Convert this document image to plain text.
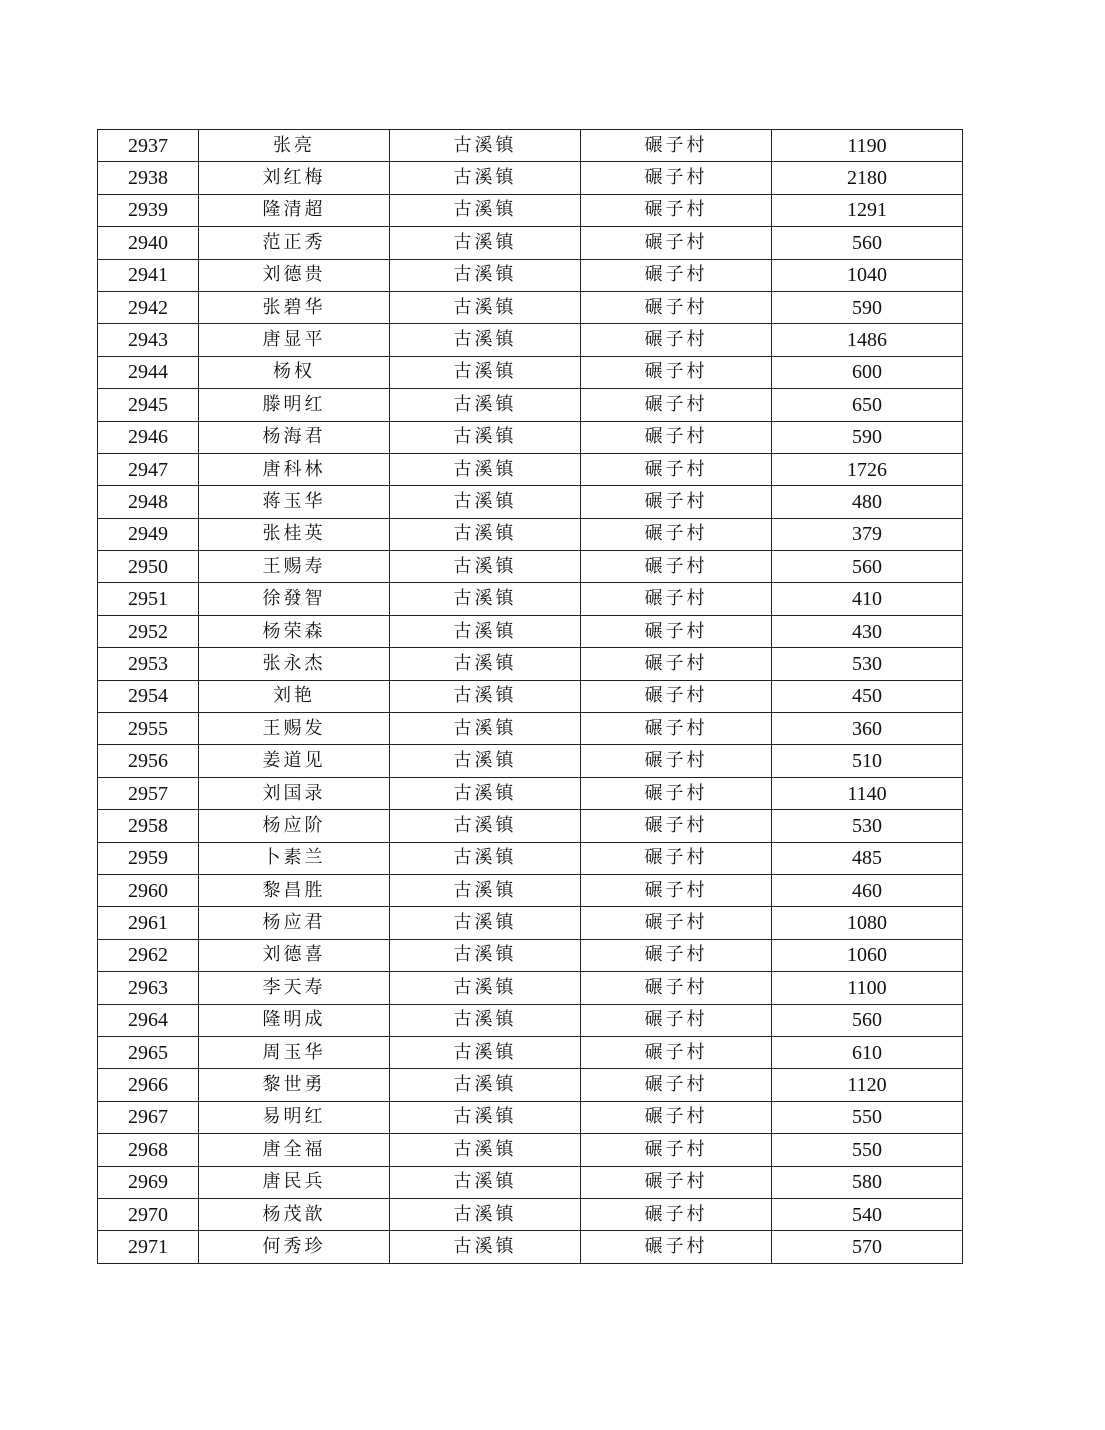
2937	张亮	古溪镇	碾子村	1190
2938	刘红梅	古溪镇	碾子村	2180
2939	隆清超	古溪镇	碾子村	1291
2940	范正秀	古溪镇	碾子村	560
2941	刘德贵	古溪镇	碾子村	1040
2942	张碧华	古溪镇	碾子村	590
2943	唐显平	古溪镇	碾子村	1486
2944	杨权	古溪镇	碾子村	600
2945	滕明红	古溪镇	碾子村	650
2946	杨海君	古溪镇	碾子村	590
2947	唐科林	古溪镇	碾子村	1726
2948	蒋玉华	古溪镇	碾子村	480
2949	张桂英	古溪镇	碾子村	379
2950	王赐寿	古溪镇	碾子村	560
2951	徐發智	古溪镇	碾子村	410
2952	杨荣森	古溪镇	碾子村	430
2953	张永杰	古溪镇	碾子村	530
2954	刘艳	古溪镇	碾子村	450
2955	王赐发	古溪镇	碾子村	360
2956	姜道见	古溪镇	碾子村	510
2957	刘国录	古溪镇	碾子村	1140
2958	杨应阶	古溪镇	碾子村	530
2959	卜素兰	古溪镇	碾子村	485
2960	黎昌胜	古溪镇	碾子村	460
2961	杨应君	古溪镇	碾子村	1080
2962	刘德喜	古溪镇	碾子村	1060
2963	李天寿	古溪镇	碾子村	1100
2964	隆明成	古溪镇	碾子村	560
2965	周玉华	古溪镇	碾子村	610
2966	黎世勇	古溪镇	碾子村	1120
2967	易明红	古溪镇	碾子村	550
2968	唐全福	古溪镇	碾子村	550
2969	唐民兵	古溪镇	碾子村	580
2970	杨茂歆	古溪镇	碾子村	540
2971	何秀珍	古溪镇	碾子村	570
